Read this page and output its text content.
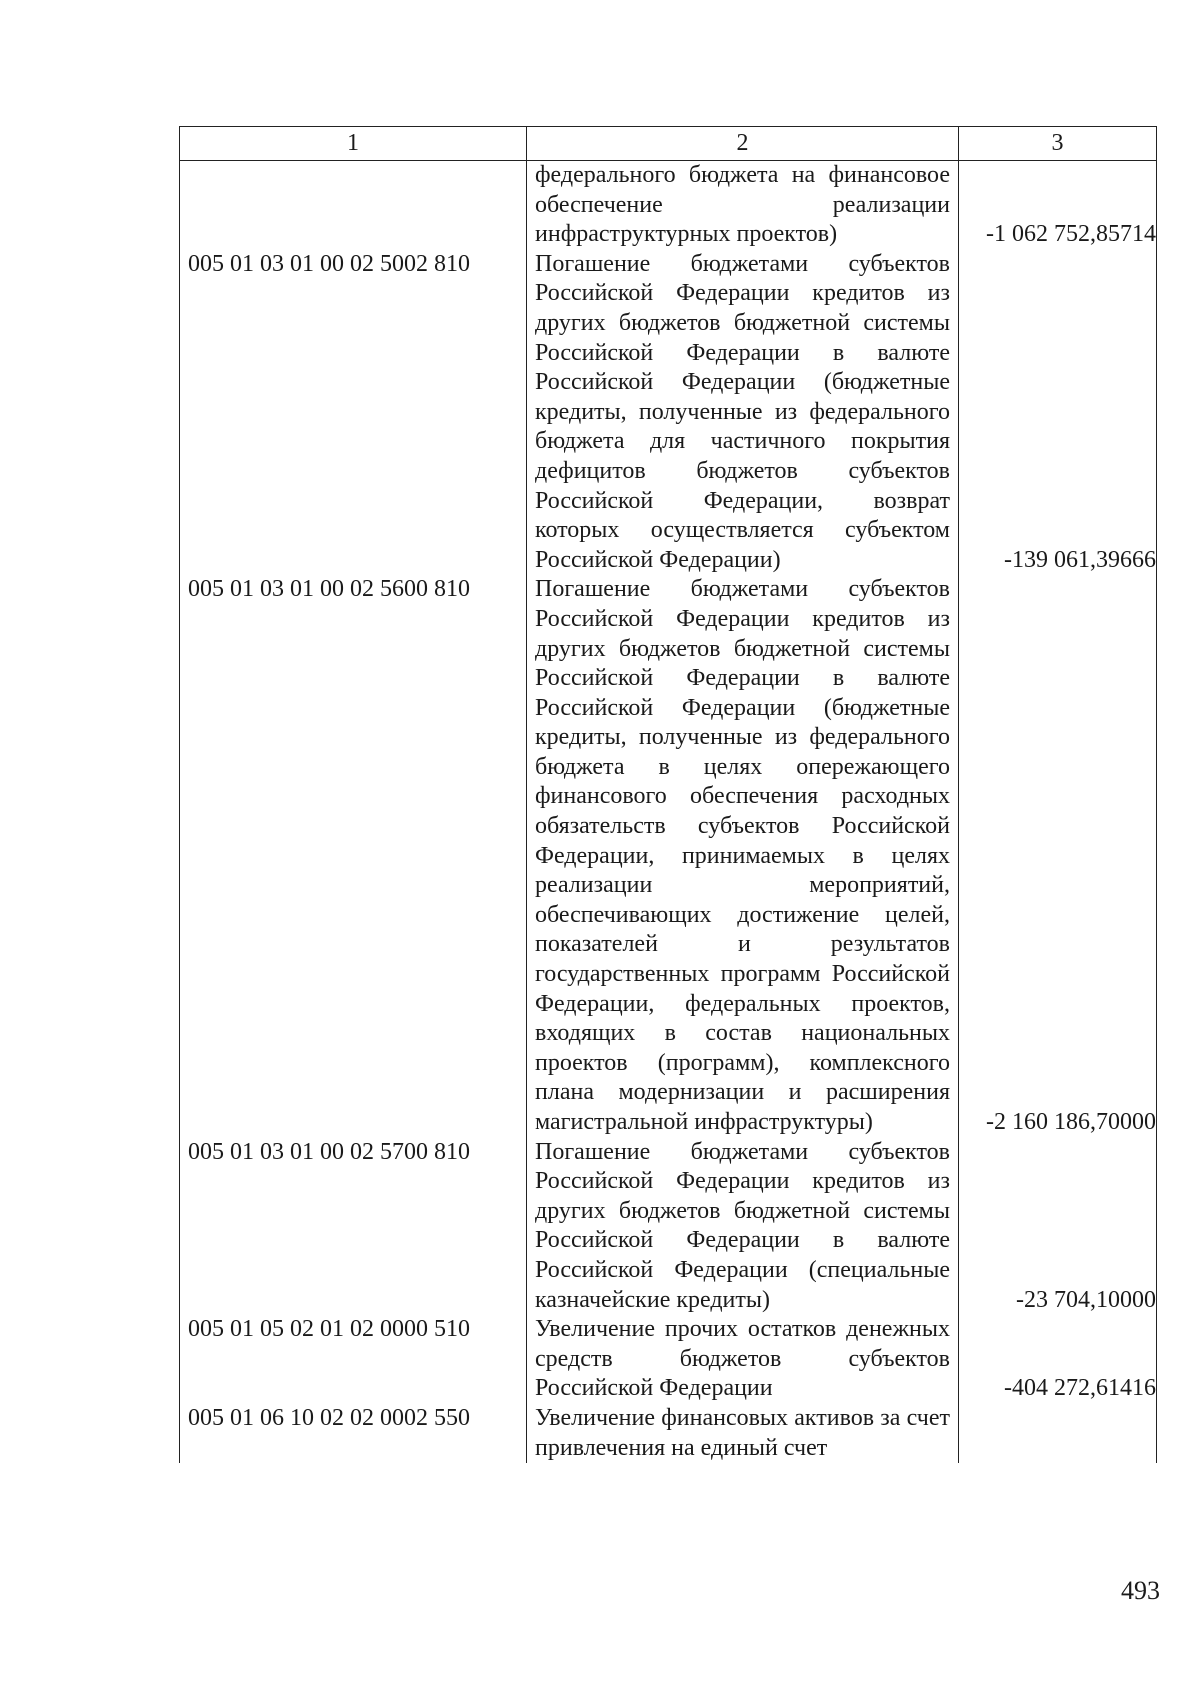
1	2	3
	федерального бюджета на финансовое обеспечение реализации инфраструктурных проектов)	-1 062 752,85714
005 01 03 01 00 02 5002 810	Погашение бюджетами субъектов Российской Федерации кредитов из других бюджетов бюджетной системы Российской Федерации в валюте Российской Федерации (бюджетные кредиты, полученные из федерального бюджета для частичного покрытия дефицитов бюджетов субъектов Российской Федерации, возврат которых осуществляется субъектом Российской Федерации)	-139 061,39666
005 01 03 01 00 02 5600 810	Погашение бюджетами субъектов Российской Федерации кредитов из других бюджетов бюджетной системы Российской Федерации в валюте Российской Федерации (бюджетные кредиты, полученные из федерального бюджета в целях опережающего финансового обеспечения расходных обязательств субъектов Российской Федерации, принимаемых в целях реализации мероприятий, обеспечивающих достижение целей, показателей и результатов государственных программ Российской Федерации, федеральных проектов, входящих в состав национальных проектов (программ), комплексного плана модернизации и расширения магистральной инфраструктуры)	-2 160 186,70000
005 01 03 01 00 02 5700 810	Погашение бюджетами субъектов Российской Федерации кредитов из других бюджетов бюджетной системы Российской Федерации в валюте Российской Федерации (специальные казначейские кредиты)	-23 704,10000
005 01 05 02 01 02 0000 510	Увеличение прочих остатков денежных средств бюджетов субъектов Российской Федерации	-404 272,61416
005 01 06 10 02 02 0002 550	Увеличение финансовых активов за счет привлечения на единый счет	
493
